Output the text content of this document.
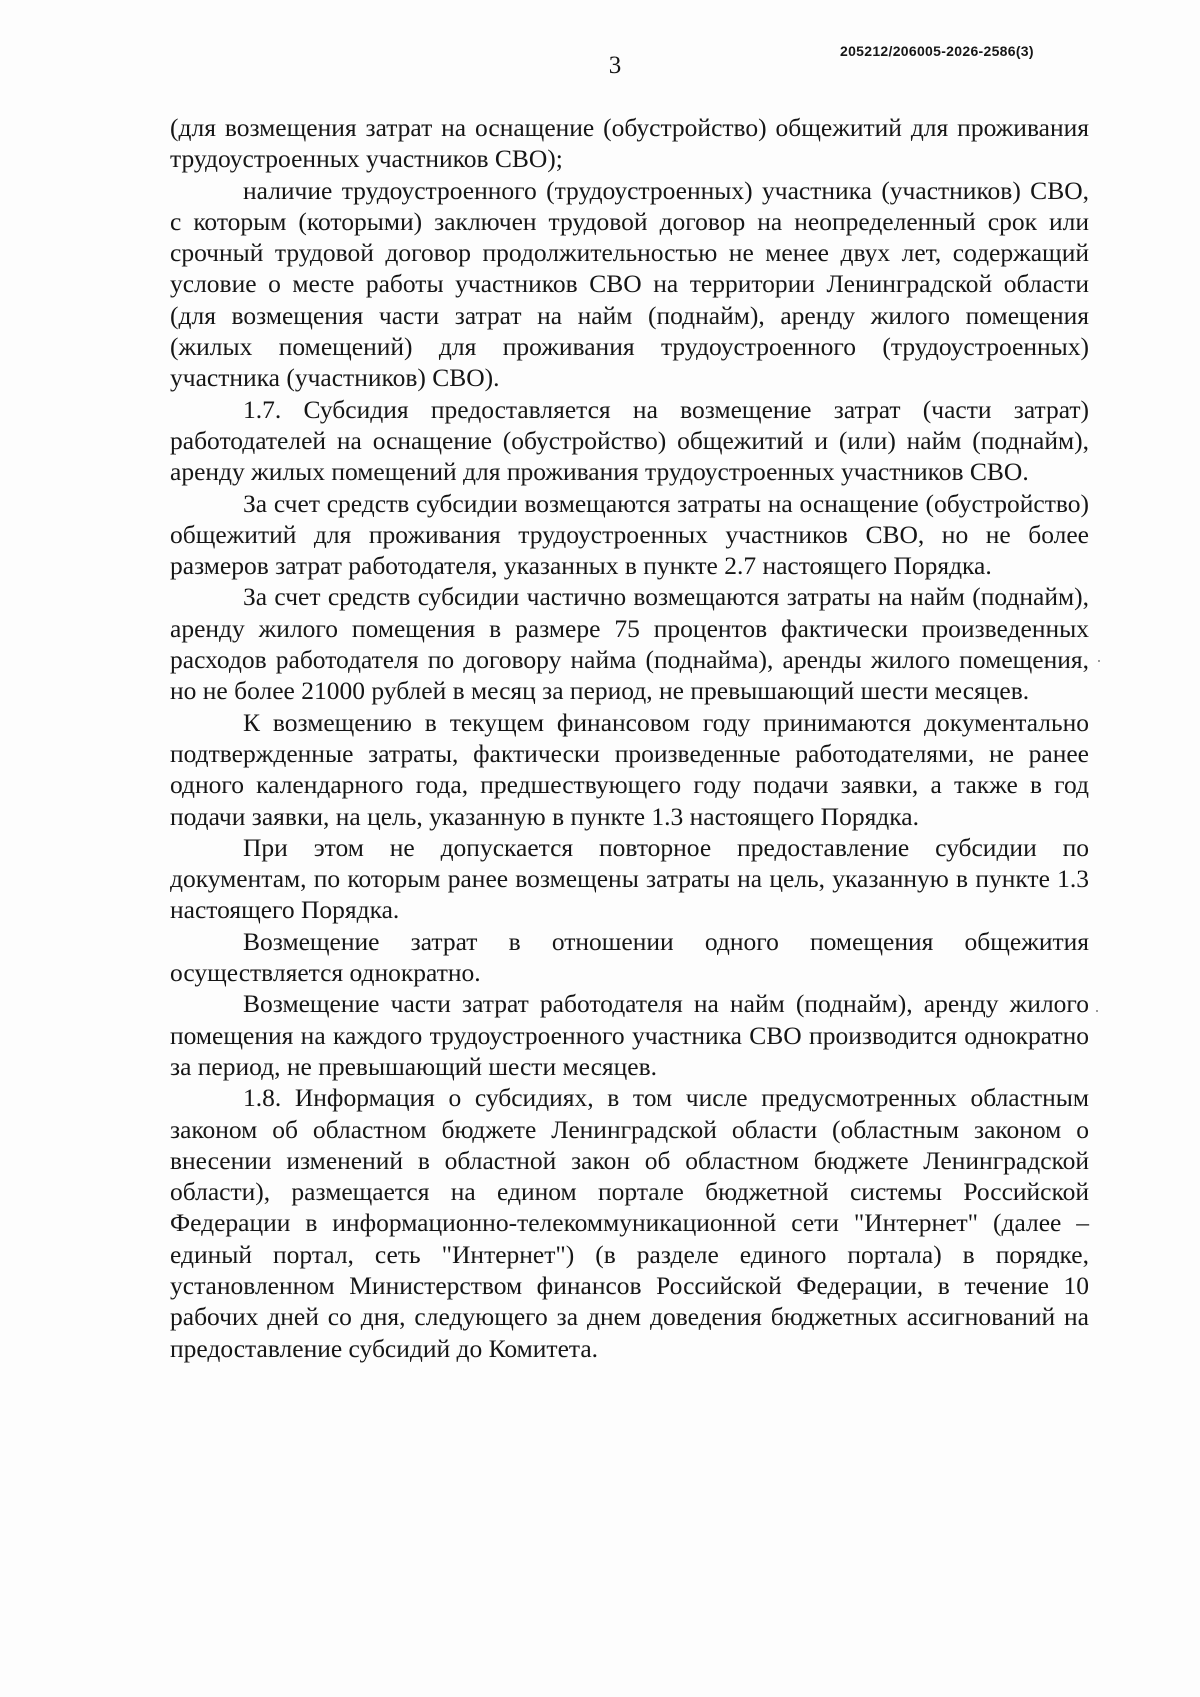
3
205212/206005-2026-2586(3)

(для возмещения затрат на оснащение (обустройство) общежитий для проживания трудоустроенных участников СВО);

наличие трудоустроенного (трудоустроенных) участника (участников) СВО, с которым (которыми) заключен трудовой договор на неопределенный срок или срочный трудовой договор продолжительностью не менее двух лет, содержащий условие о месте работы участников СВО на территории Ленинградской области (для возмещения части затрат на найм (поднайм), аренду жилого помещения (жилых помещений) для проживания трудоустроенного (трудоустроенных) участника (участников) СВО).

1.7. Субсидия предоставляется на возмещение затрат (части затрат) работодателей на оснащение (обустройство) общежитий и (или) найм (поднайм), аренду жилых помещений для проживания трудоустроенных участников СВО.

За счет средств субсидии возмещаются затраты на оснащение (обустройство) общежитий для проживания трудоустроенных участников СВО, но не более размеров затрат работодателя, указанных в пункте 2.7 настоящего Порядка.

За счет средств субсидии частично возмещаются затраты на найм (поднайм), аренду жилого помещения в размере 75 процентов фактически произведенных расходов работодателя по договору найма (поднайма), аренды жилого помещения, но не более 21000 рублей в месяц за период, не превышающий шести месяцев.

К возмещению в текущем финансовом году принимаются документально подтвержденные затраты, фактически произведенные работодателями, не ранее одного календарного года, предшествующего году подачи заявки, а также в год подачи заявки, на цель, указанную в пункте 1.3 настоящего Порядка.

При этом не допускается повторное предоставление субсидии по документам, по которым ранее возмещены затраты на цель, указанную в пункте 1.3 настоящего Порядка.

Возмещение затрат в отношении одного помещения общежития осуществляется однократно.

Возмещение части затрат работодателя на найм (поднайм), аренду жилого помещения на каждого трудоустроенного участника СВО производится однократно за период, не превышающий шести месяцев.

1.8. Информация о субсидиях, в том числе предусмотренных областным законом об областном бюджете Ленинградской области (областным законом о внесении изменений в областной закон об областном бюджете Ленинградской области), размещается на едином портале бюджетной системы Российской Федерации в информационно-телекоммуникационной сети "Интернет" (далее – единый портал, сеть "Интернет") (в разделе единого портала) в порядке, установленном Министерством финансов Российской Федерации, в течение 10 рабочих дней со дня, следующего за днем доведения бюджетных ассигнований на предоставление субсидий до Комитета.
